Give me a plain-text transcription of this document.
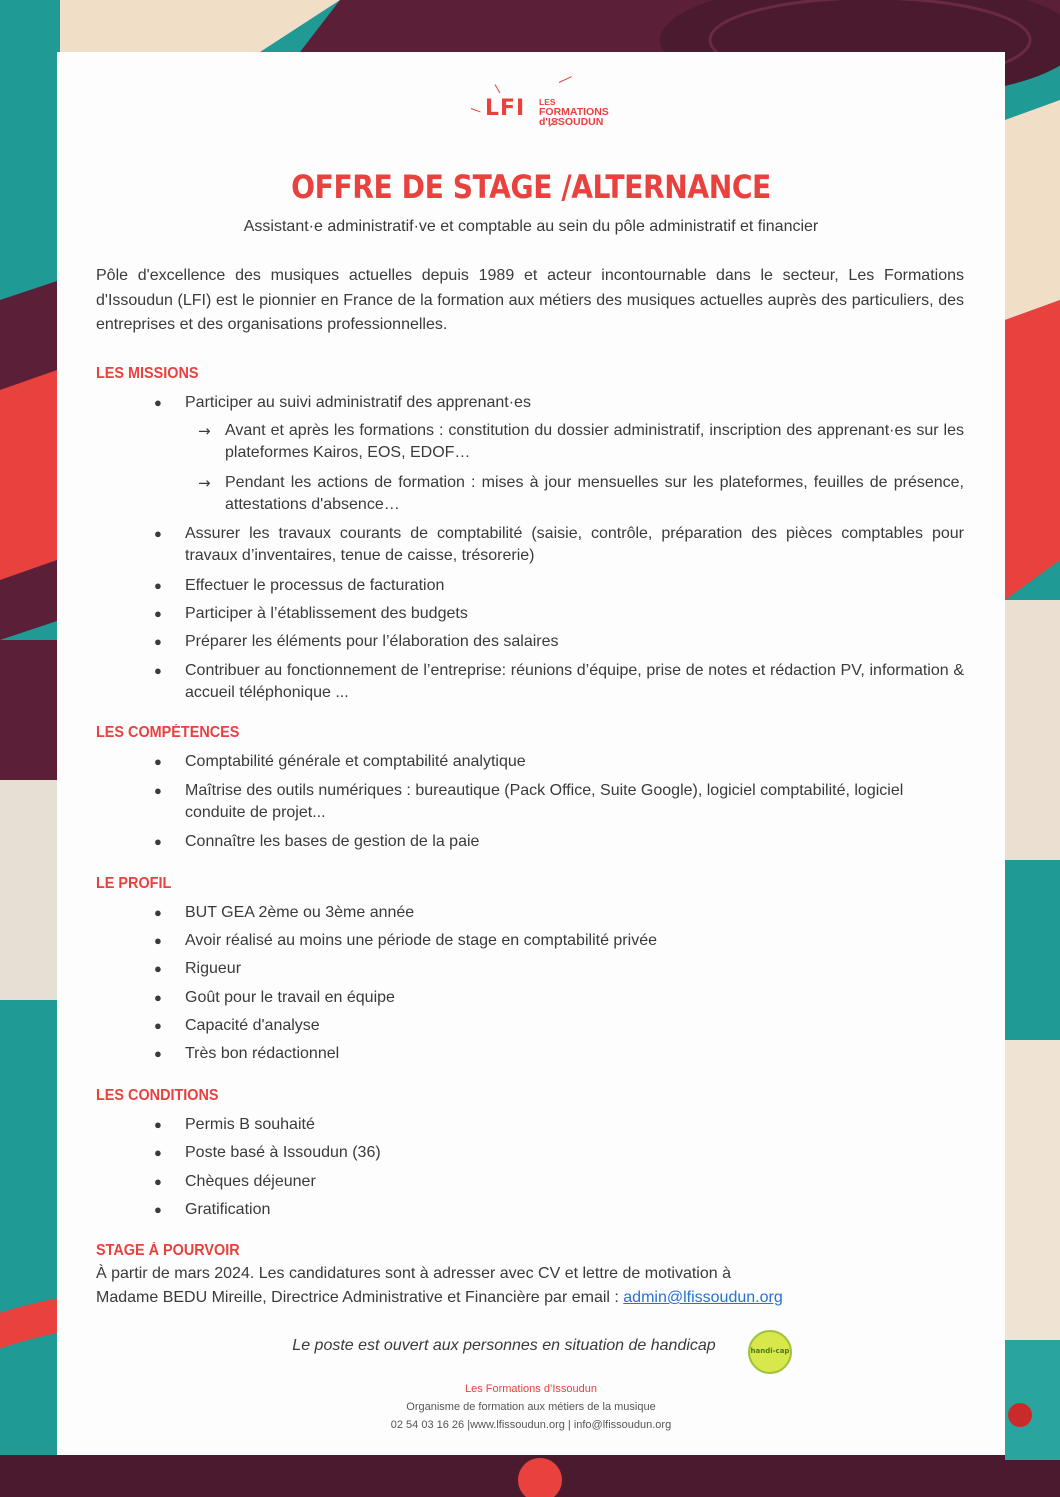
LFI LES
FORMATIONS
d'ISSOUDUN
OFFRE DE STAGE /ALTERNANCE
Assistant·e administratif·ve et comptable au sein du pôle administratif et financier

Pôle d'excellence des musiques actuelles depuis 1989 et acteur incontournable dans le secteur, Les Formations d'Issoudun (LFI) est le pionnier en France de la formation aux métiers des musiques actuelles auprès des particuliers, des entreprises et des organisations professionnelles.

LES MISSIONS
● Participer au suivi administratif des apprenant·es
→ Avant et après les formations : constitution du dossier administratif, inscription des apprenant·es sur les plateformes Kairos, EOS, EDOF…
→ Pendant les actions de formation : mises à jour mensuelles sur les plateformes, feuilles de présence, attestations d'absence…
● Assurer les travaux courants de comptabilité (saisie, contrôle, préparation des pièces comptables pour travaux d’inventaires, tenue de caisse, trésorerie)
● Effectuer le processus de facturation
● Participer à l’établissement des budgets
● Préparer les éléments pour l’élaboration des salaires
● Contribuer au fonctionnement de l’entreprise: réunions d’équipe, prise de notes et rédaction PV, information & accueil téléphonique ...
LES COMPÉTENCES
● Comptabilité générale et comptabilité analytique
● Maîtrise des outils numériques : bureautique (Pack Office, Suite Google), logiciel comptabilité, logiciel conduite de projet...
● Connaître les bases de gestion de la paie
LE PROFIL
● BUT GEA 2ème ou 3ème année
● Avoir réalisé au moins une période de stage en comptabilité privée
● Rigueur
● Goût pour le travail en équipe
● Capacité d'analyse
● Très bon rédactionnel
LES CONDITIONS
● Permis B souhaité
● Poste basé à Issoudun (36)
● Chèques déjeuner
● Gratification
STAGE À POURVOIR
À partir de mars 2024. Les candidatures sont à adresser avec CV et lettre de motivation à
Madame BEDU Mireille, Directrice Administrative et Financière par email : admin@lfissoudun.org
Le poste est ouvert aux personnes en situation de handicap	handi-cap
Les Formations d’Issoudun
Organisme de formation aux métiers de la musique
02 54 03 16 26 |www.lfissoudun.org | info@lfissoudun.org
